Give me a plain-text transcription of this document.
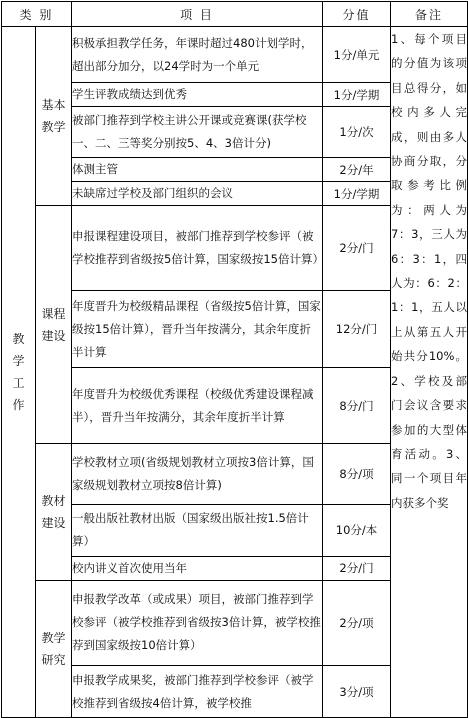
类 别		项 目	分值	备注

教学工作	基本教学	积极承担教学任务，年课时超过480计划学时，超出部分加分，以24学时为一个单元	1分/单元	1、每个项目的分值为该项目总得分，如校内多人完成，则由多人协商分取，分取参考比例为：两人为7：3，三人为6：3：1，四人为：6：2：1：1，五人以上从第五人开始共分10%。2、学校及部门会议含要求参加的大型体育活动。3、同一个项目年内获多个奖

		学生评教成绩达到优秀	1分/学期	
		被部门推荐到学校主讲公开课或竞赛课(获学校一、二、三等奖分别按5、4、3倍计分)	1分/次	
		体测主管	2分/年	
		未缺席过学校及部门组织的会议	1分/学期	

	课程建设	申报课程建设项目，被部门推荐到学校参评（被学校推荐到省级按5倍计算，国家级按15倍计算）	2分/门	
		年度晋升为校级精品课程（省级按5倍计算，国家级按15倍计算），晋升当年按满分，其余年度折半计算	12分/门	
		年度晋升为校级优秀课程（校级优秀建设课程减半），晋升当年按满分，其余年度折半计算	8分/门	

	教材建设	学校教材立项(省级规划教材立项按3倍计算，国家级规划教材立项按8倍计算)	8分/项	
		一般出版社教材出版（国家级出版社按1.5倍计算）	10分/本	
		校内讲义首次使用当年	2分/门	

	教学研究	申报教学改革（或成果）项目，被部门推荐到学校参评（被学校推荐到省级按3倍计算，被学校推荐到国家级按10倍计算）	2分/项	
		申报教学成果奖，被部门推荐到学校参评（被学校推荐到省级按4倍计算，被学校推	3分/项	
